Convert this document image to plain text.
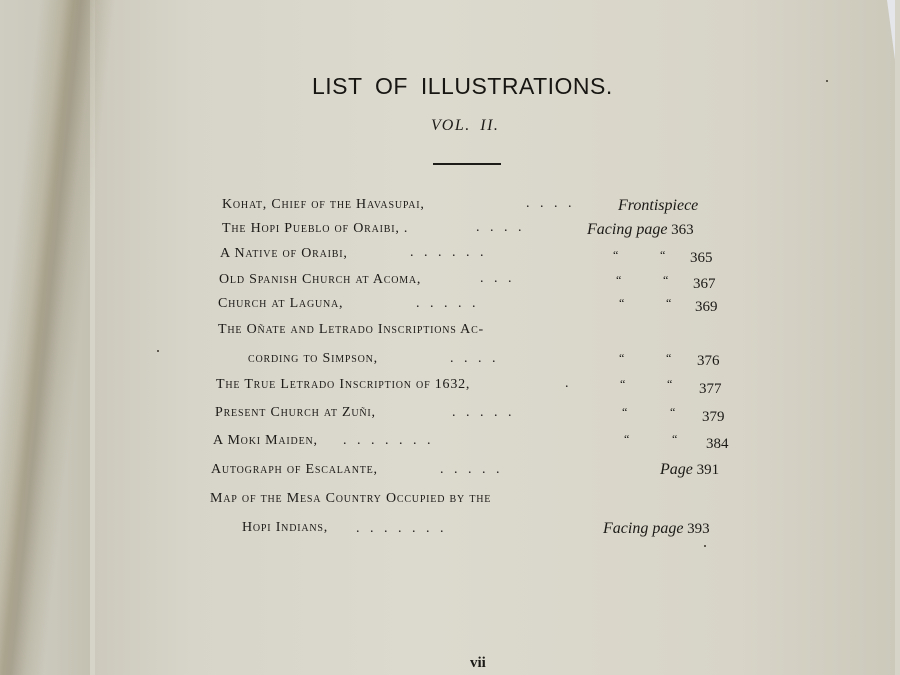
LIST OF ILLUSTRATIONS.
VOL. II.
Kohat, Chief of the Havasupai,	.   .   .   .	Frontispiece
The Hopi Pueblo of Oraibi, .	.   .   .   .	Facing page 363
A Native of Oraibi,	.   .   .   .   .   .	“	“ 365
Old Spanish Church at Acoma,	.   .   .	“	“ 367
Church at Laguna,	.   .   .   .   .	“	“ 369
The Oñate and Letrado Inscriptions Ac-
cording to Simpson,	.   .   .   .	“	“ 376
The True Letrado Inscription of 1632,	.	“	“ 377
Present Church at Zuñi,	.   .   .   .   .	“	“ 379
A Moki Maiden, .   .   .   .   .   .   .	“	“ 384
Autograph of Escalante,	.   .   .   .   .	Page 391
Map of the Mesa Country Occupied by the
Hopi Indians, .   .   .   .   .   .   .	Facing page 393
vii
